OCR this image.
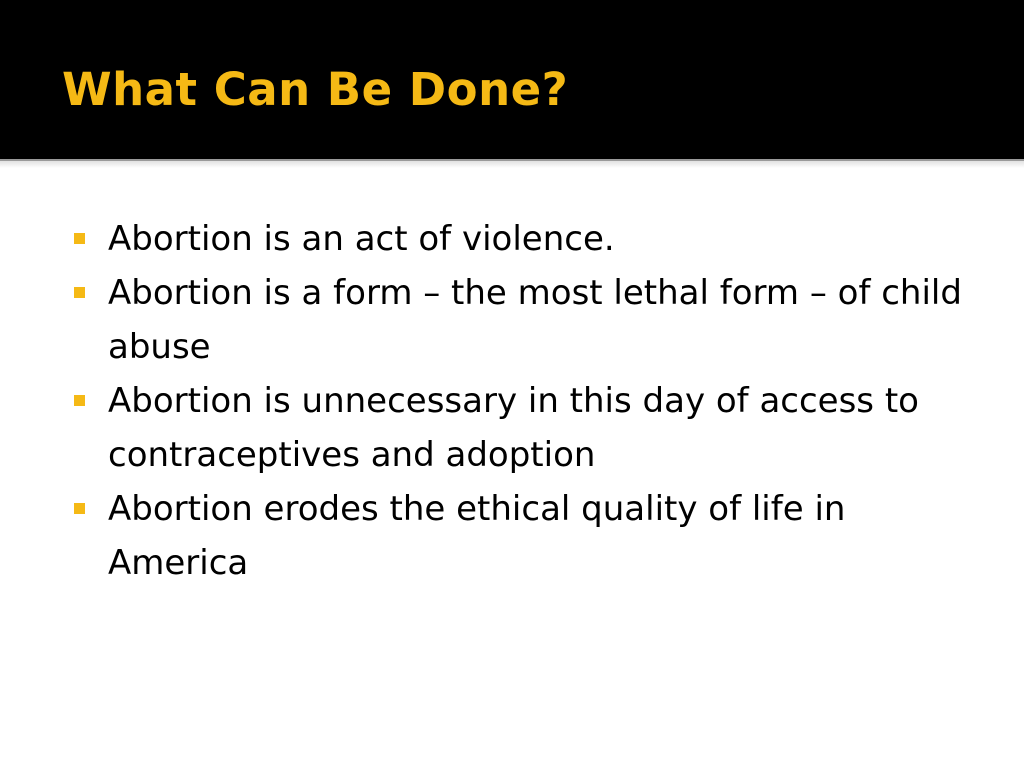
What Can Be Done?
Abortion is an act of violence.
Abortion is a form – the most lethal form – of child abuse
Abortion is unnecessary in this day of access to contraceptives and adoption
Abortion erodes the ethical quality of life in America
